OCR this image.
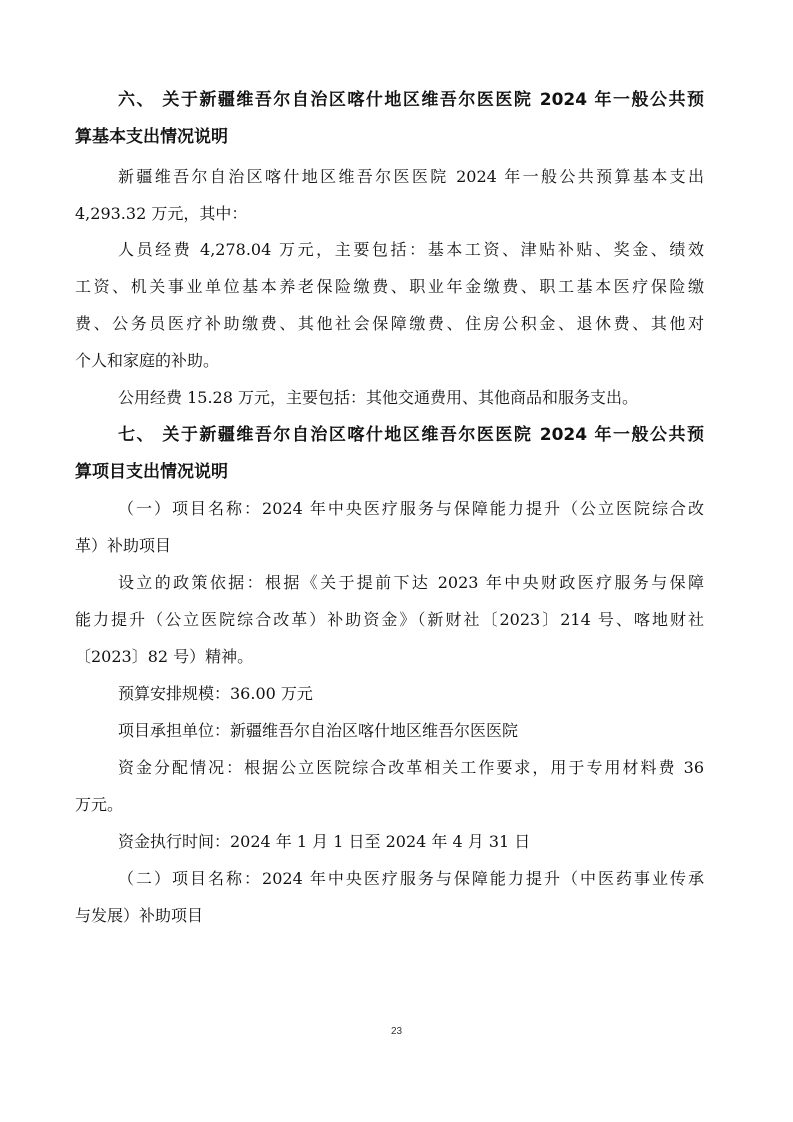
六、 关于新疆维吾尔自治区喀什地区维吾尔医医院 2024 年一般公共预
算基本支出情况说明
新疆维吾尔自治区喀什地区维吾尔医医院 2024 年一般公共预算基本支出
4,293.32 万元，其中：
人员经费 4,278.04 万元，主要包括：基本工资、津贴补贴、奖金、绩效
工资、机关事业单位基本养老保险缴费、职业年金缴费、职工基本医疗保险缴
费、公务员医疗补助缴费、其他社会保障缴费、住房公积金、退休费、其他对
个人和家庭的补助。
公用经费 15.28 万元，主要包括：其他交通费用、其他商品和服务支出。
七、 关于新疆维吾尔自治区喀什地区维吾尔医医院 2024 年一般公共预
算项目支出情况说明
（一）项目名称：2024 年中央医疗服务与保障能力提升（公立医院综合改
革）补助项目
设立的政策依据：根据《关于提前下达 2023 年中央财政医疗服务与保障
能力提升（公立医院综合改革）补助资金》（新财社〔2023〕214 号、喀地财社
〔2023〕82 号）精神。
预算安排规模：36.00 万元
项目承担单位：新疆维吾尔自治区喀什地区维吾尔医医院
资金分配情况：根据公立医院综合改革相关工作要求，用于专用材料费 36
万元。
资金执行时间：2024 年 1 月 1 日至 2024 年 4 月 31 日
（二）项目名称：2024 年中央医疗服务与保障能力提升（中医药事业传承
与发展）补助项目
23
